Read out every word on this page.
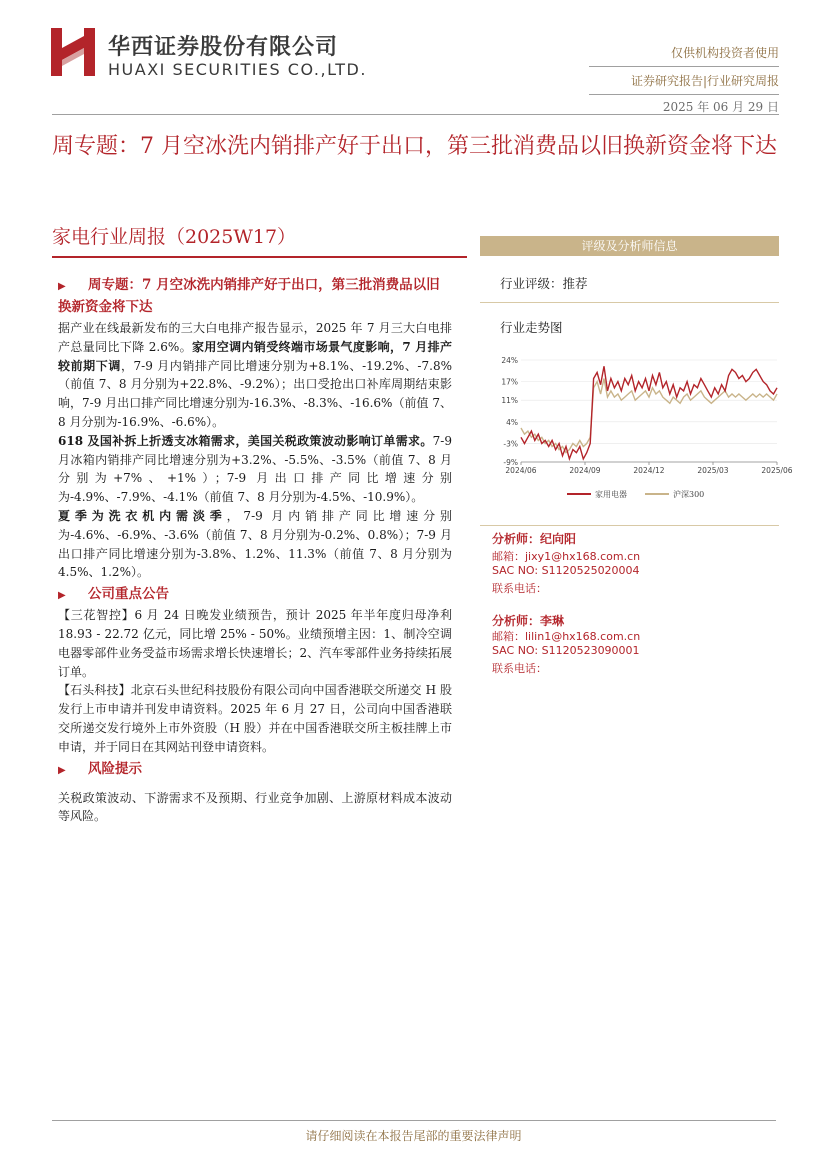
华西证券股份有限公司
HUAXI SECURITIES CO.,LTD.
仅供机构投资者使用
证券研究报告|行业研究周报
2025 年 06 月 29 日
周专题：7 月空冰洗内销排产好于出口，第三批消费品以旧换新资金将下达
家电行业周报（2025W17）
▶ 周专题：7 月空冰洗内销排产好于出口，第三批消费品以旧换新资金将下达

据产业在线最新发布的三大白电排产报告显示，2025 年 7 月三大白电排产总量同比下降 2.6%。家用空调内销受终端市场景气度影响，7 月排产较前期下调，7-9 月内销排产同比增速分别为+8.1%、-19.2%、-7.8%（前值 7、8 月分别为+22.8%、-9.2%）；出口受抢出口补库周期结束影响，7-9 月出口排产同比增速分别为-16.3%、-8.3%、-16.6%（前值 7、8 月分别为-16.9%、-6.6%）。

618 及国补拆上折透支冰箱需求，美国关税政策波动影响订单需求。7-9 月冰箱内销排产同比增速分别为+3.2%、-5.5%、-3.5%（前值 7、8 月分别为+7%、+1%）；7-9 月出口排产同比增速分别为-4.9%、-7.9%、-4.1%（前值 7、8 月分别为-4.5%、-10.9%）。

夏季为洗衣机内需淡季，7-9 月内销排产同比增速分别为-4.6%、-6.9%、-3.6%（前值 7、8 月分别为-0.2%、0.8%）；7-9 月出口排产同比增速分别为-3.8%、1.2%、11.3%（前值 7、8 月分别为 4.5%、1.2%）。

▶ 公司重点公告

【三花智控】6 月 24 日晚发业绩预告，预计 2025 年半年度归母净利 18.93 - 22.72 亿元，同比增 25% - 50%。业绩预增主因：1、制冷空调电器零部件业务受益市场需求增长快速增长；2、汽车零部件业务持续拓展订单。

【石头科技】北京石头世纪科技股份有限公司向中国香港联交所递交 H 股发行上市申请并刊发申请资料。2025 年 6 月 27 日，公司向中国香港联交所递交发行境外上市外资股（H 股）并在中国香港联交所主板挂牌上市申请，并于同日在其网站刊登申请资料。

▶ 风险提示

关税政策波动、下游需求不及预期、行业竞争加剧、上游原材料成本波动等风险。

评级及分析师信息
行业评级：推荐
行业走势图
24%
17%
11%
4%
-3%
-9%
2024/06	2024/09	2024/12	2025/03	2025/06
家用电器	沪深300
分析师：纪向阳
邮箱：jixy1@hx168.com.cn
SAC NO: S1120525020004
联系电话：
分析师：李琳
邮箱：lilin1@hx168.com.cn
SAC NO: S1120523090001
联系电话：
请仔细阅读在本报告尾部的重要法律声明
